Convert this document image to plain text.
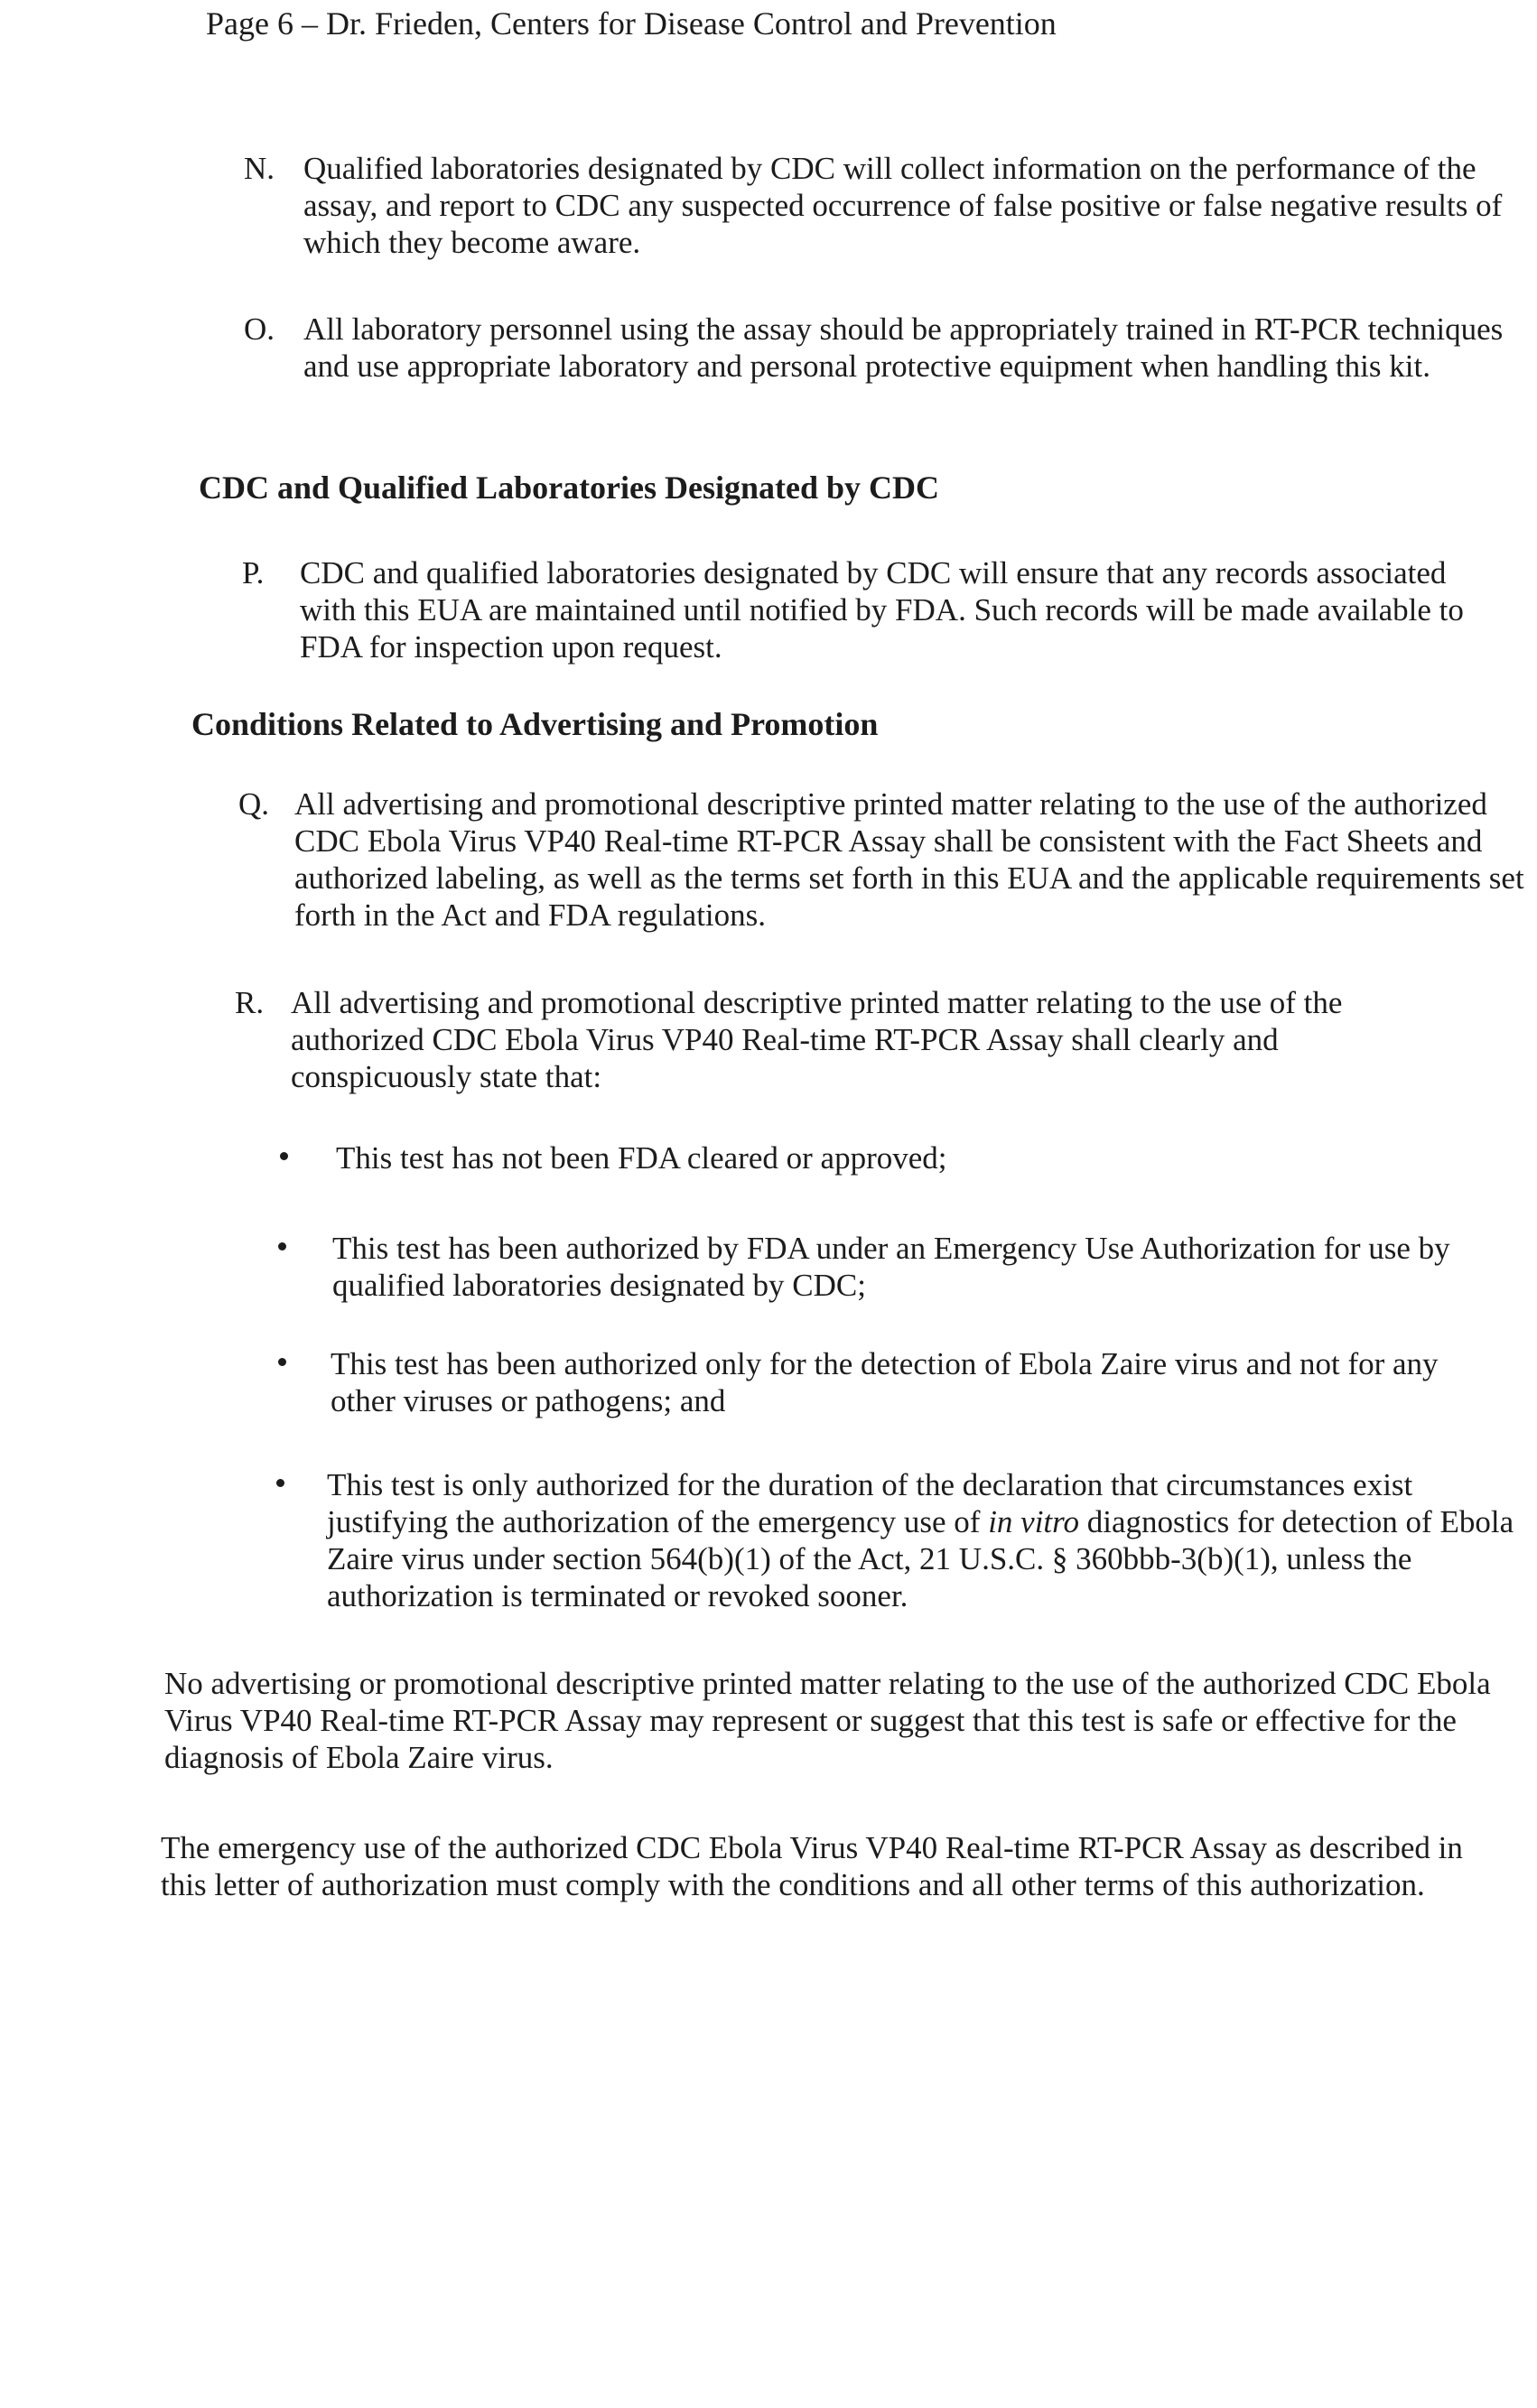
Page 6 – Dr. Frieden, Centers for Disease Control and Prevention
N. Qualified laboratories designated by CDC will collect information on the performance of the assay, and report to CDC any suspected occurrence of false positive or false negative results of which they become aware.

O. All laboratory personnel using the assay should be appropriately trained in RT-PCR techniques and use appropriate laboratory and personal protective equipment when handling this kit.

CDC and Qualified Laboratories Designated by CDC
P. CDC and qualified laboratories designated by CDC will ensure that any records associated with this EUA are maintained until notified by FDA. Such records will be made available to FDA for inspection upon request.

Conditions Related to Advertising and Promotion
Q. All advertising and promotional descriptive printed matter relating to the use of the authorized CDC Ebola Virus VP40 Real-time RT-PCR Assay shall be consistent with the Fact Sheets and authorized labeling, as well as the terms set forth in this EUA and the applicable requirements set forth in the Act and FDA regulations.

R. All advertising and promotional descriptive printed matter relating to the use of the authorized CDC Ebola Virus VP40 Real-time RT-PCR Assay shall clearly and conspicuously state that:

This test has not been FDA cleared or approved;

This test has been authorized by FDA under an Emergency Use Authorization for use by qualified laboratories designated by CDC;

This test has been authorized only for the detection of Ebola Zaire virus and not for any other viruses or pathogens; and

This test is only authorized for the duration of the declaration that circumstances exist justifying the authorization of the emergency use of in vitro diagnostics for detection of Ebola Zaire virus under section 564(b)(1) of the Act, 21 U.S.C. § 360bbb-3(b)(1), unless the authorization is terminated or revoked sooner.

No advertising or promotional descriptive printed matter relating to the use of the authorized CDC Ebola Virus VP40 Real-time RT-PCR Assay may represent or suggest that this test is safe or effective for the diagnosis of Ebola Zaire virus.

The emergency use of the authorized CDC Ebola Virus VP40 Real-time RT-PCR Assay as described in this letter of authorization must comply with the conditions and all other terms of this authorization.
